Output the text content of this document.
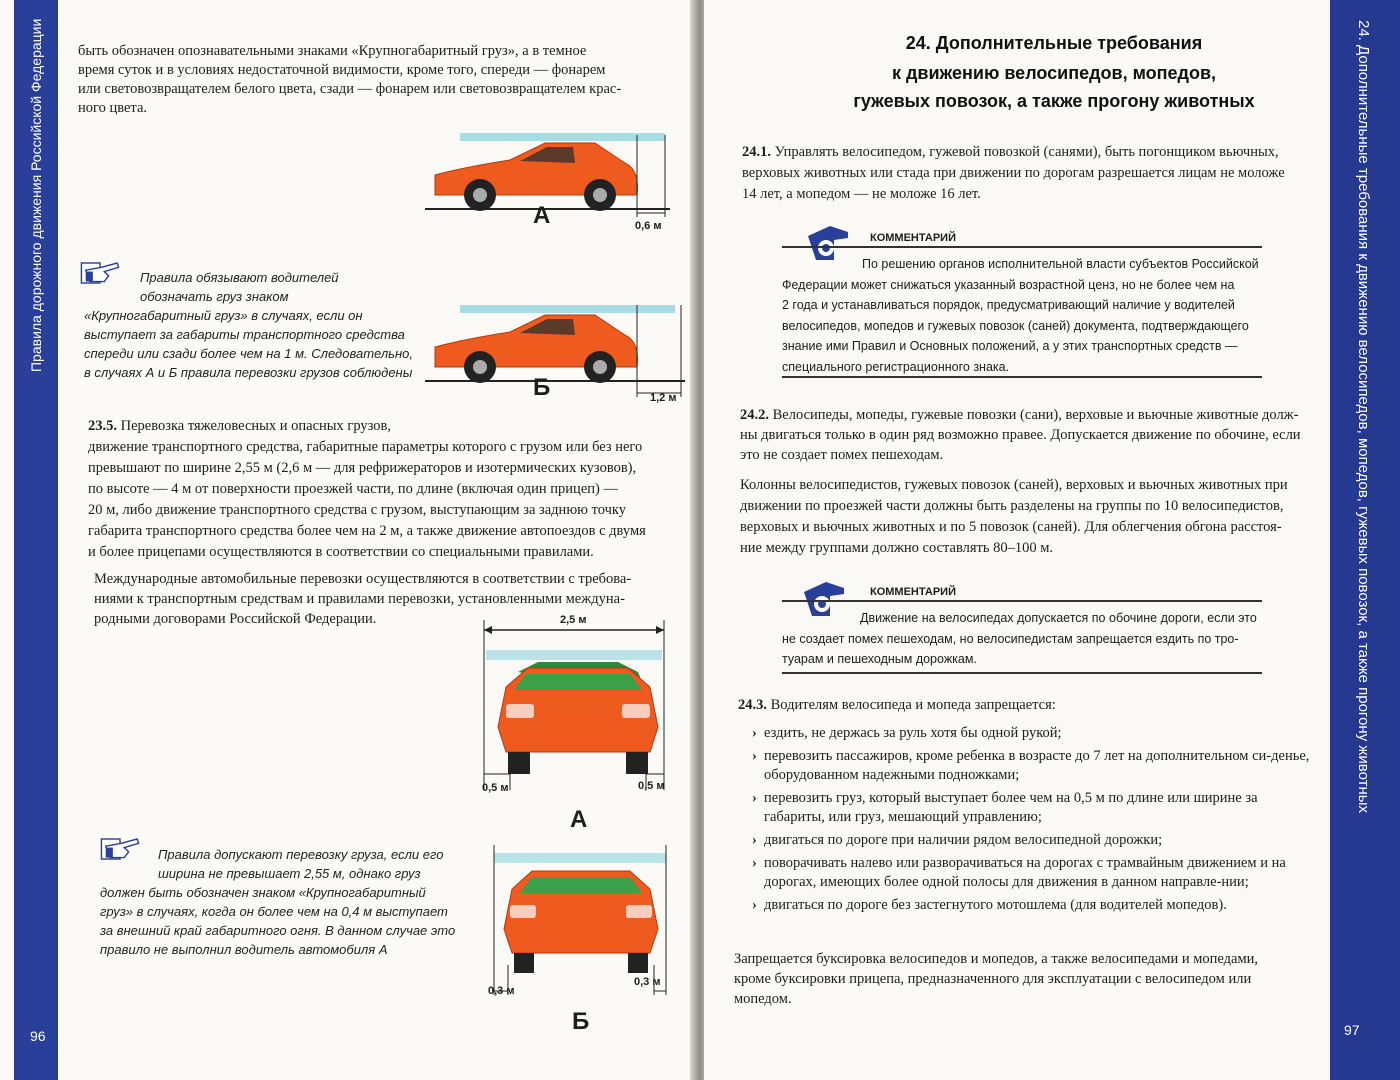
Правила дорожного движения Российской Федерации
96
быть обозначен опознавательными знаками «Крупногабаритный груз», а в темное
время суток и в условиях недостаточной видимости, кроме того, спереди — фонарем
или световозвращателем белого цвета, сзади — фонарем или световозвращателем крас-
ного цвета.
А	0,6 м
Б	1,2 м
Правила обязывают водителей
обозначать груз знаком
«Крупногабаритный груз» в случаях, если он
выступает за габариты транспортного средства
спереди или сзади более чем на 1 м. Следовательно,
в случаях А и Б правила перевозки грузов соблюдены
23.5. Перевозка тяжеловесных и опасных грузов,
движение транспортного средства, габаритные параметры которого с грузом или без него
превышают по ширине 2,55 м (2,6 м — для рефрижераторов и изотермических кузовов),
по высоте — 4 м от поверхности проезжей части, по длине (включая один прицеп) —
20 м, либо движение транспортного средства с грузом, выступающим за заднюю точку
габарита транспортного средства более чем на 2 м, а также движение автопоездов с двумя
и более прицепами осуществляются в соответствии со специальными правилами.
Международные автомобильные перевозки осуществляются в соответствии с требова-
ниями к транспортным средствам и правилами перевозки, установленными междуна-
родными договорами Российской Федерации.	2,5 м
0,5 м	0,5 м
А
Правила допускают перевозку груза, если его
ширина не превышает 2,55 м, однако груз
должен быть обозначен знаком «Крупногабаритный
груз» в случаях, когда он более чем на 0,4 м выступает
за внешний край габаритного огня. В данном случае это
правило не выполнил водитель автомобиля А
0,3 м
0,3 м
Б
24. Дополнительные требования к движению велосипедов, мопедов, гужевых повозок, а также прогону животных
97
24. Дополнительные требования
к движению велосипедов, мопедов,
гужевых повозок, а также прогону животных
24.1. Управлять велосипедом, гужевой повозкой (санями), быть погонщиком вьючных,
верховых животных или стада при движении по дорогам разрешается лицам не моложе
14 лет, а мопедом — не моложе 16 лет.
КОММЕНТАРИЙ
По решению органов исполнительной власти субъектов Российской
Федерации может снижаться указанный возрастной ценз, но не более чем на
2 года и устанавливаться порядок, предусматривающий наличие у водителей
велосипедов, мопедов и гужевых повозок (саней) документа, подтверждающего
знание ими Правил и Основных положений, а у этих транспортных средств —
специального регистрационного знака.
24.2. Велосипеды, мопеды, гужевые повозки (сани), верховые и вьючные животные долж-
ны двигаться только в один ряд возможно правее. Допускается движение по обочине, если
это не создает помех пешеходам.
Колонны велосипедистов, гужевых повозок (саней), верховых и вьючных животных при
движении по проезжей части должны быть разделены на группы по 10 велосипедистов,
верховых и вьючных животных и по 5 повозок (саней). Для облегчения обгона расстоя-
ние между группами должно составлять 80–100 м.
КОММЕНТАРИЙ
Движение на велосипедах допускается по обочине дороги, если это
не создает помех пешеходам, но велосипедистам запрещается ездить по тро-
туарам и пешеходным дорожкам.
24.3. Водителям велосипеда и мопеда запрещается:
› ездить, не держась за руль хотя бы одной рукой;
› перевозить пассажиров, кроме ребенка в возрасте до 7 лет на дополнительном си-денье, оборудованном надежными подножками;
› перевозить груз, который выступает более чем на 0,5 м по длине или ширине за габариты, или груз, мешающий управлению;
› двигаться по дороге при наличии рядом велосипедной дорожки;
› поворачивать налево или разворачиваться на дорогах с трамвайным движением и на дорогах, имеющих более одной полосы для движения в данном направле-нии;
› двигаться по дороге без застегнутого мотошлема (для водителей мопедов).
Запрещается буксировка велосипедов и мопедов, а также велосипедами и мопедами,
кроме буксировки прицепа, предназначенного для эксплуатации с велосипедом или
мопедом.
